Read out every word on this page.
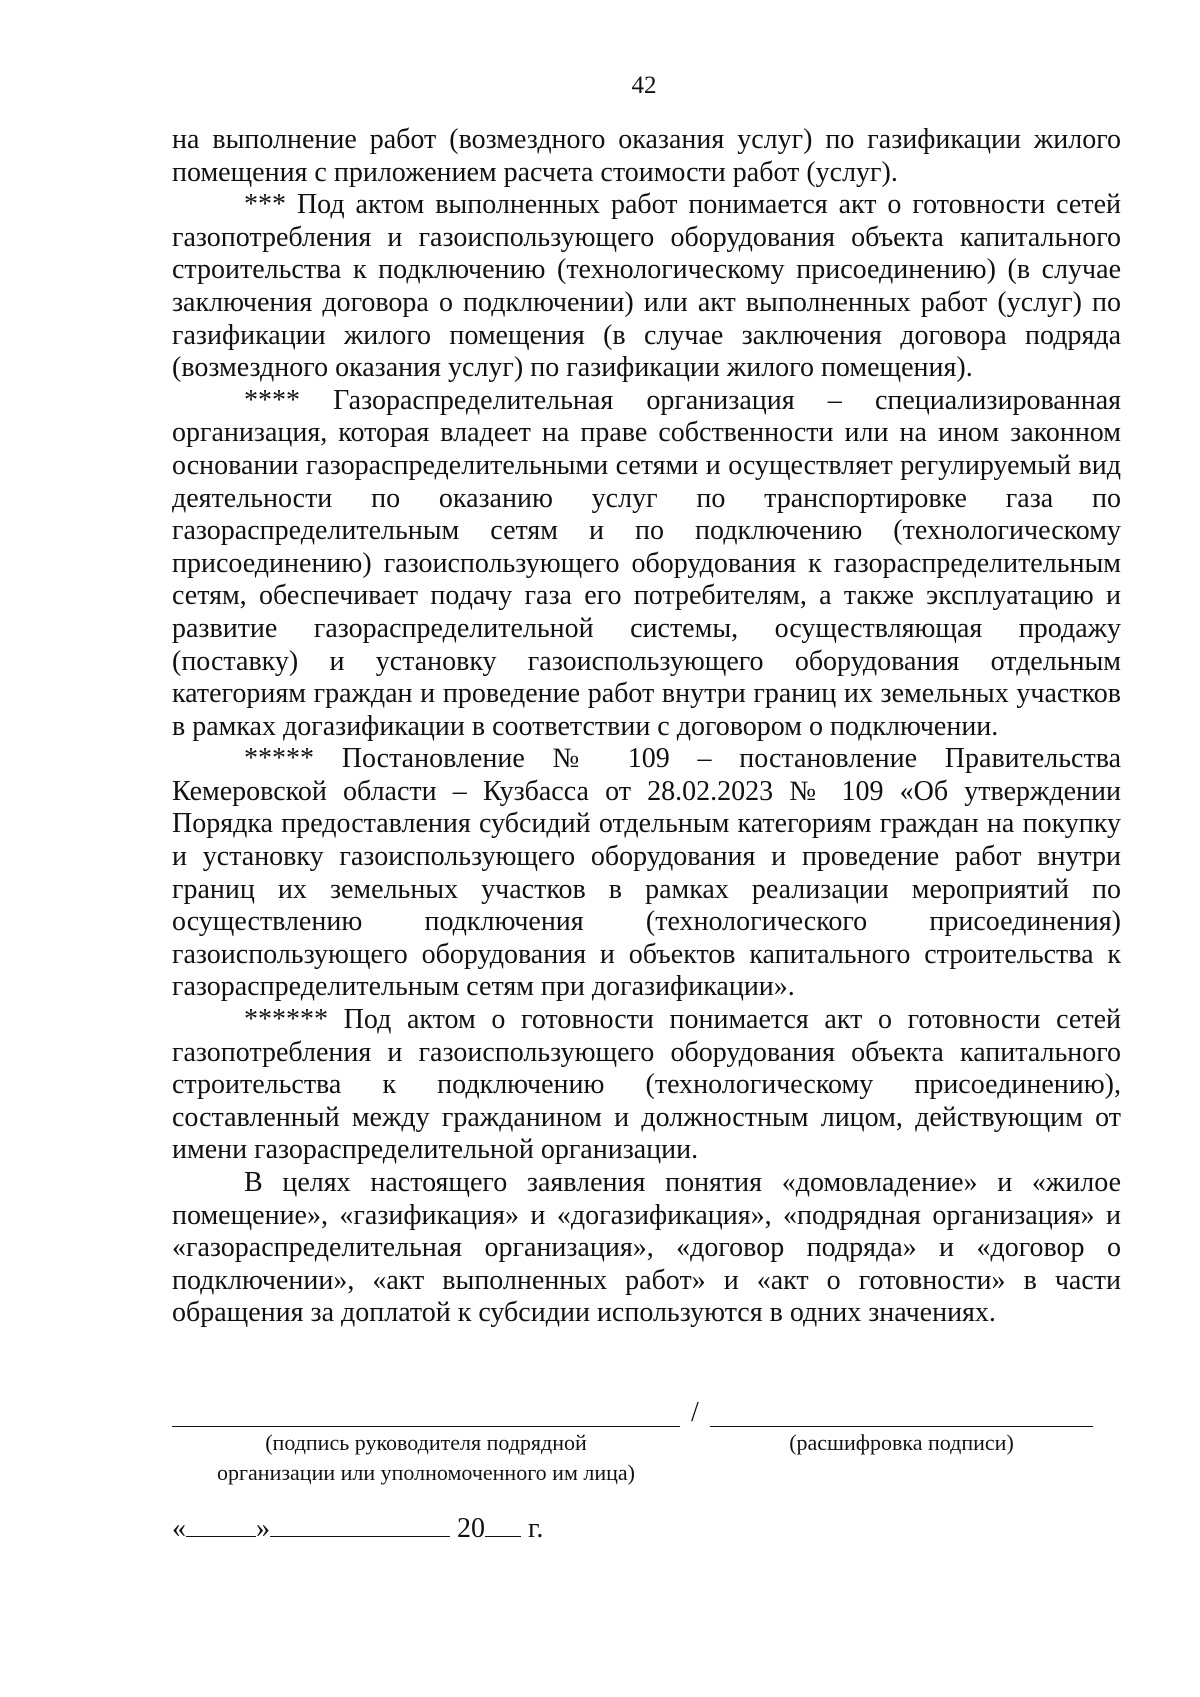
42

на выполнение работ (возмездного оказания услуг) по газификации жилого помещения с приложением расчета стоимости работ (услуг).

*** Под актом выполненных работ понимается акт о готовности сетей газопотребления и газоиспользующего оборудования объекта капитального строительства к подключению (технологическому присоединению) (в случае заключения договора о подключении) или акт выполненных работ (услуг) по газификации жилого помещения (в случае заключения договора подряда (возмездного оказания услуг) по газификации жилого помещения).

**** Газораспределительная организация – специализированная организация, которая владеет на праве собственности или на ином законном основании газораспределительными сетями и осуществляет регулируемый вид деятельности по оказанию услуг по транспортировке газа по газораспределительным сетям и по подключению (технологическому присоединению) газоиспользующего оборудования к газораспределительным сетям, обеспечивает подачу газа его потребителям, а также эксплуатацию и развитие газораспределительной системы, осуществляющая продажу (поставку) и установку газоиспользующего оборудования отдельным категориям граждан и проведение работ внутри границ их земельных участков в рамках догазификации в соответствии с договором о подключении.

***** Постановление № 109 – постановление Правительства Кемеровской области – Кузбасса от 28.02.2023 № 109 «Об утверждении Порядка предоставления субсидий отдельным категориям граждан на покупку и установку газоиспользующего оборудования и проведение работ внутри границ их земельных участков в рамках реализации мероприятий по осуществлению подключения (технологического присоединения) газоиспользующего оборудования и объектов капитального строительства к газораспределительным сетям при догазификации».

****** Под актом о готовности понимается акт о готовности сетей газопотребления и газоиспользующего оборудования объекта капитального строительства к подключению (технологическому присоединению), составленный между гражданином и должностным лицом, действующим от имени газораспределительной организации.

В целях настоящего заявления понятия «домовладение» и «жилое помещение», «газификация» и «догазификация», «подрядная организация» и «газораспределительная организация», «договор подряда» и «договор о подключении», «акт выполненных работ» и «акт о готовности» в части обращения за доплатой к субсидии используются в одних значениях.

/
(подпись руководителя подрядной
организации или уполномоченного им лица)
(расшифровка подписи)
«	»	20 г.
